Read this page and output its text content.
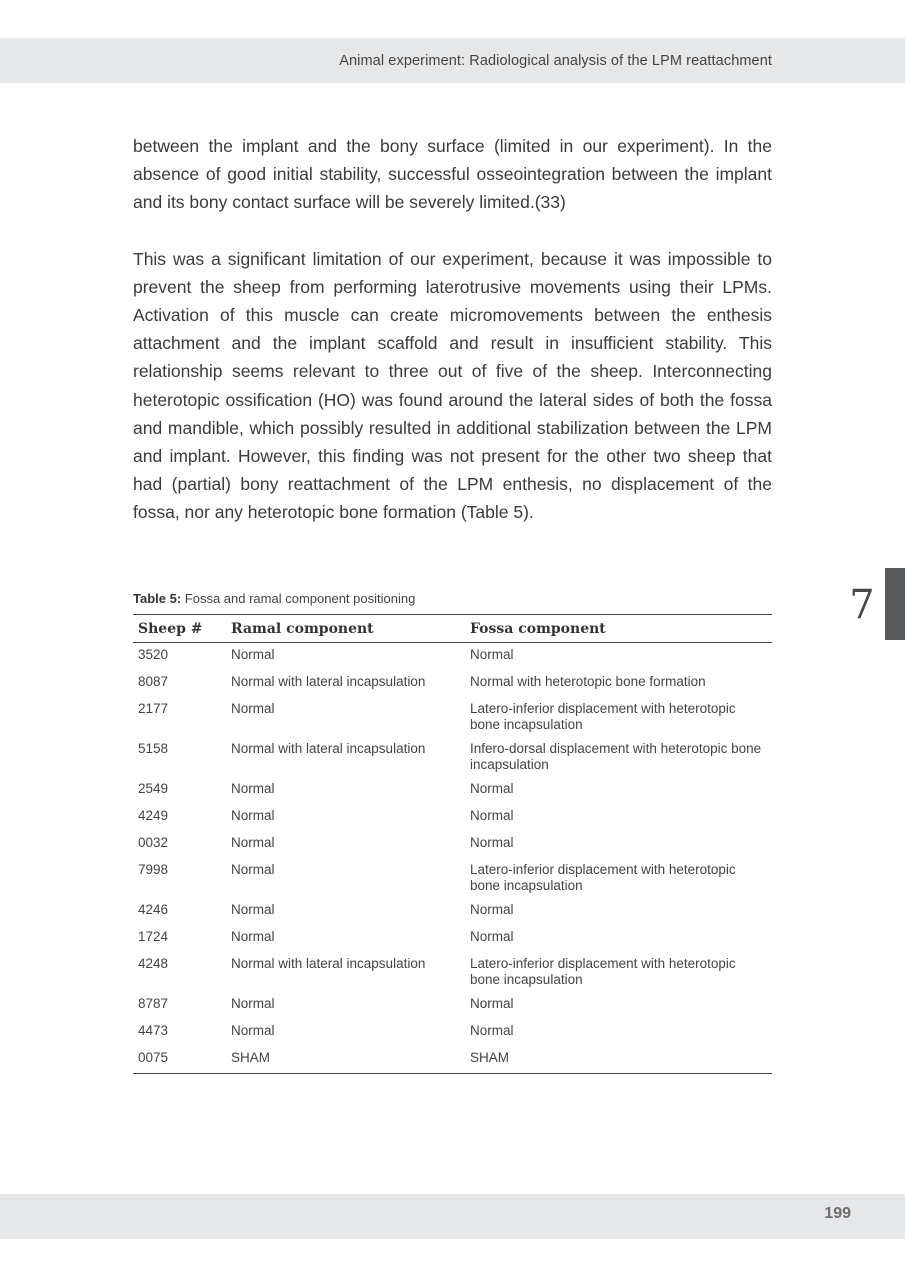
Animal experiment: Radiological analysis of the LPM reattachment

between the implant and the bony surface (limited in our experiment). In the absence of good initial stability, successful osseointegration between the implant and its bony contact surface will be severely limited.(33)

This was a significant limitation of our experiment, because it was impossible to prevent the sheep from performing laterotrusive movements using their LPMs. Activation of this muscle can create micromovements between the enthesis attachment and the implant scaffold and result in insufficient stability. This relationship seems relevant to three out of five of the sheep. Interconnecting heterotopic ossification (HO) was found around the lateral sides of both the fossa and mandible, which possibly resulted in additional stabilization between the LPM and implant. However, this finding was not present for the other two sheep that had (partial) bony reattachment of the LPM enthesis, no displacement of the fossa, nor any heterotopic bone formation (Table 5).

7
Table 5: Fossa and ramal component positioning
Sheep #	Ramal component	Fossa component
3520	Normal	Normal
8087	Normal with lateral incapsulation	Normal with heterotopic bone formation
2177	Normal	Latero-inferior displacement with heterotopic bone incapsulation
5158	Normal with lateral incapsulation	Infero-dorsal displacement with heterotopic bone incapsulation
2549	Normal	Normal
4249	Normal	Normal
0032	Normal	Normal
7998	Normal	Latero-inferior displacement with heterotopic bone incapsulation
4246	Normal	Normal
1724	Normal	Normal
4248	Normal with lateral incapsulation	Latero-inferior displacement with heterotopic bone incapsulation
8787	Normal	Normal
4473	Normal	Normal
0075	SHAM	SHAM
199
